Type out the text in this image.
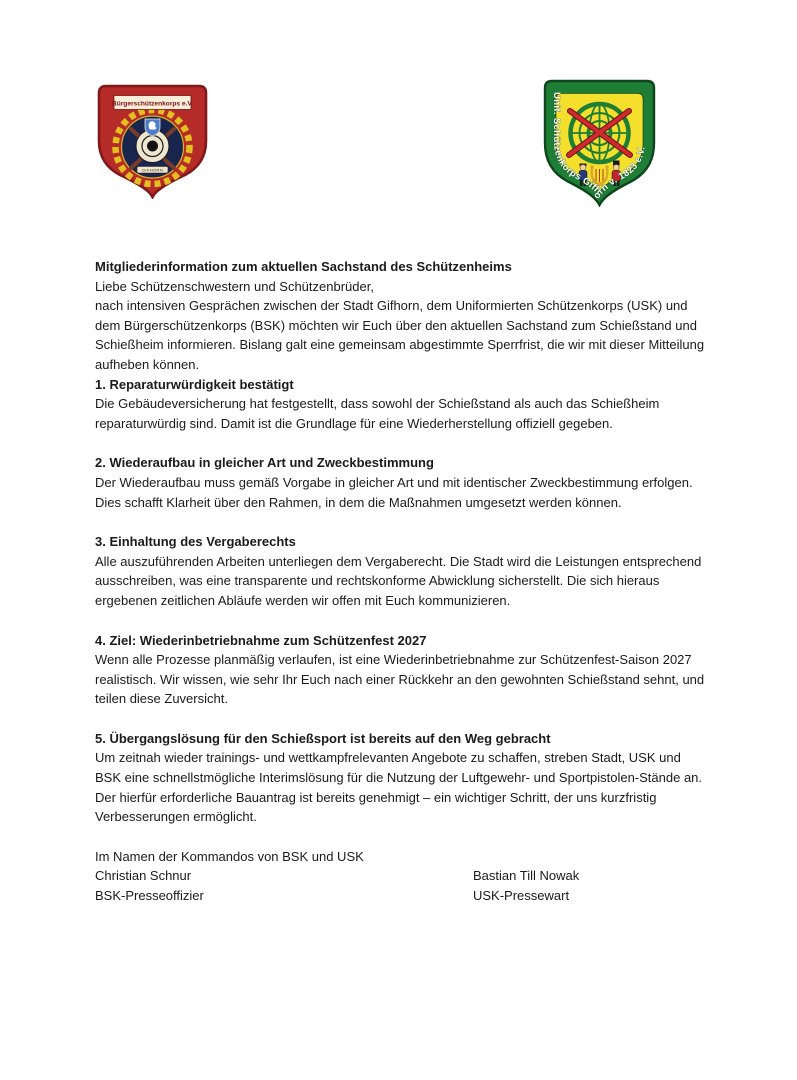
GIFHORN
Bürgerschützenkorps e.V.
Unif. Schützenkorps Gifhorn v. 1823 e.V.

Mitgliederinformation zum aktuellen Sachstand des Schützenheims

Liebe Schützenschwestern und Schützenbrüder,

nach intensiven Gesprächen zwischen der Stadt Gifhorn, dem Uniformierten Schützenkorps (USK) und dem Bürgerschützenkorps (BSK) möchten wir Euch über den aktuellen Sachstand zum Schießstand und Schießheim informieren. Bislang galt eine gemeinsam abgestimmte Sperrfrist, die wir mit dieser Mitteilung aufheben können.

1. Reparaturwürdigkeit bestätigt

Die Gebäudeversicherung hat festgestellt, dass sowohl der Schießstand als auch das Schießheim reparaturwürdig sind. Damit ist die Grundlage für eine Wiederherstellung offiziell gegeben.

2. Wiederaufbau in gleicher Art und Zweckbestimmung

Der Wiederaufbau muss gemäß Vorgabe in gleicher Art und mit identischer Zweckbestimmung erfolgen. Dies schafft Klarheit über den Rahmen, in dem die Maßnahmen umgesetzt werden können.

3. Einhaltung des Vergaberechts

Alle auszuführenden Arbeiten unterliegen dem Vergaberecht. Die Stadt wird die Leistungen entsprechend ausschreiben, was eine transparente und rechtskonforme Abwicklung sicherstellt. Die sich hieraus ergebenen zeitlichen Abläufe werden wir offen mit Euch kommunizieren.

4. Ziel: Wiederinbetriebnahme zum Schützenfest 2027

Wenn alle Prozesse planmäßig verlaufen, ist eine Wiederinbetriebnahme zur Schützenfest-Saison 2027 realistisch. Wir wissen, wie sehr Ihr Euch nach einer Rückkehr an den gewohnten Schießstand sehnt, und teilen diese Zuversicht.

5. Übergangslösung für den Schießsport ist bereits auf den Weg gebracht

Um zeitnah wieder trainings- und wettkampfrelevanten Angebote zu schaffen, streben Stadt, USK und BSK eine schnellstmögliche Interimslösung für die Nutzung der Luftgewehr- und Sportpistolen-Stände an. Der hierfür erforderliche Bauantrag ist bereits genehmigt – ein wichtiger Schritt, der uns kurzfristig Verbesserungen ermöglicht.

Im Namen der Kommandos von BSK und USK

Christian Schnur
BSK-Presseoffizier
Bastian Till Nowak
USK-Pressewart
